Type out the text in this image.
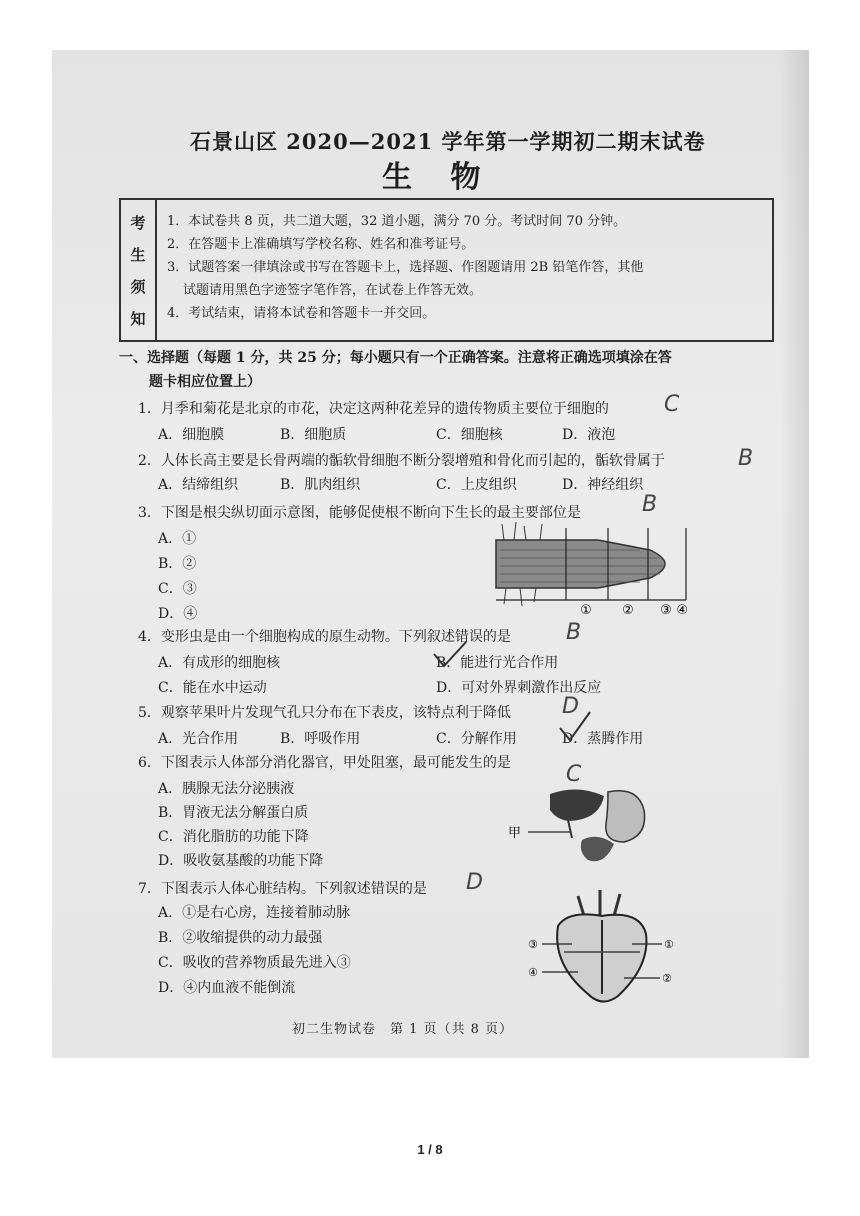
石景山区 2020—2021 学年第一学期初二期末试卷
生 物
考
生
须
知
1．本试卷共 8 页，共二道大题，32 道小题，满分 70 分。考试时间 70 分钟。
2．在答题卡上准确填写学校名称、姓名和准考证号。
3．试题答案一律填涂或书写在答题卡上，选择题、作图题请用 2B 铅笔作答，其他
试题请用黑色字迹签字笔作答，在试卷上作答无效。
4．考试结束，请将本试卷和答题卡一并交回。
一、选择题（每题 1 分，共 25 分；每小题只有一个正确答案。注意将正确选项填涂在答
题卡相应位置上）
1．月季和菊花是北京的市花，决定这两种花差异的遗传物质主要位于细胞的	C
A．细胞膜	B．细胞质	C．细胞核	D．液泡
2．人体长高主要是长骨两端的骺软骨细胞不断分裂增殖和骨化而引起的，骺软骨属于	B
A．结缔组织	B．肌肉组织	C．上皮组织	D．神经组织
3．下图是根尖纵切面示意图，能够促使根不断向下生长的最主要部位是	B
A．①
B．②
C．③
D．④	① ② ③ ④
4．变形虫是由一个细胞构成的原生动物。下列叙述错误的是	B
A．有成形的细胞核	B．能进行光合作用
C．能在水中运动	D．可对外界刺激作出反应
5．观察苹果叶片发现气孔只分布在下表皮，该特点利于降低 D
A．光合作用	B．呼吸作用	C．分解作用	D．蒸腾作用
6．下图表示人体部分消化器官，甲处阻塞，最可能发生的是	C
A．胰腺无法分泌胰液
B．胃液无法分解蛋白质
C．消化脂肪的功能下降
D．吸收氨基酸的功能下降
甲
7．下图表示人体心脏结构。下列叙述错误的是 D
A．①是右心房，连接着肺动脉
B．②收缩提供的动力最强
C．吸收的营养物质最先进入③
D．④内血液不能倒流
③
④
①
②
初二生物试卷　第 1 页（共 8 页）
1 / 8
